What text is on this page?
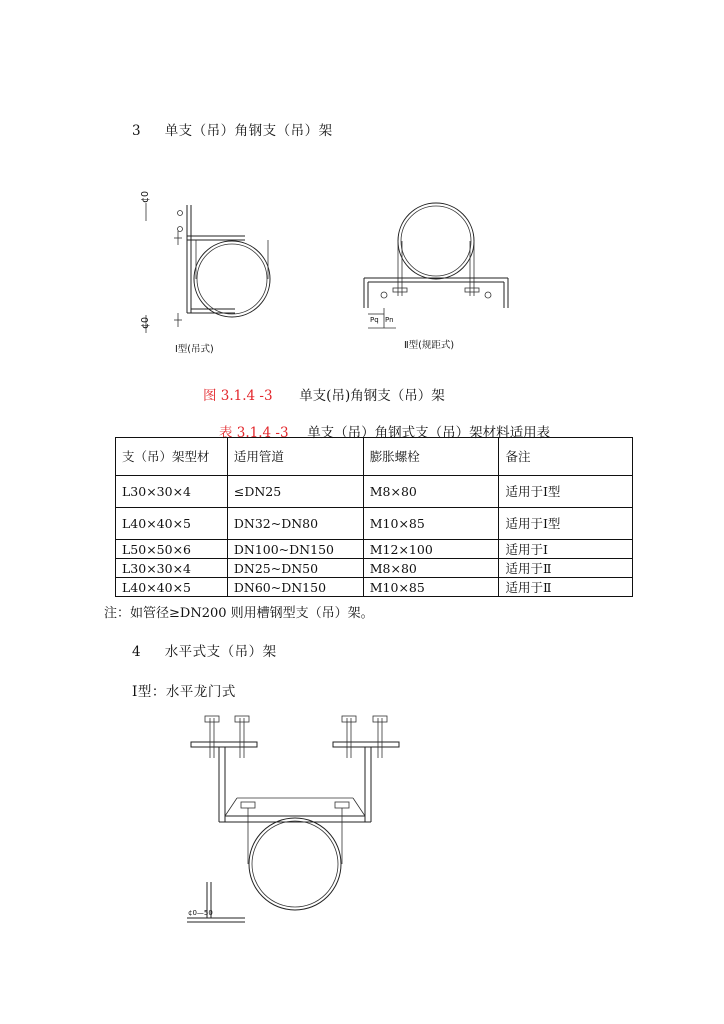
3 单支（吊）角钢支（吊）架
¢0
¢0
Ⅰ型(吊式)
Pq Pn
Ⅱ型(规距式)
图 3.1.4 -3 单支(吊)角钢支（吊）架
表 3.1.4 -3 单支（吊）角钢式支（吊）架材料适用表
支（吊）架型材	适用管道	膨胀螺栓	备注
L30×30×4	≤DN25	M8×80	适用于Ⅰ型
L40×40×5	DN32~DN80	M10×85	适用于Ⅰ型
L50×50×6	DN100~DN150	M12×100	适用于Ⅰ
L30×30×4	DN25~DN50	M8×80	适用于Ⅱ
L40×40×5	DN60~DN150	M10×85	适用于Ⅱ
注：如管径≥DN200 则用槽钢型支（吊）架。
4 水平式支（吊）架
Ⅰ型：水平龙门式
¢0—50
